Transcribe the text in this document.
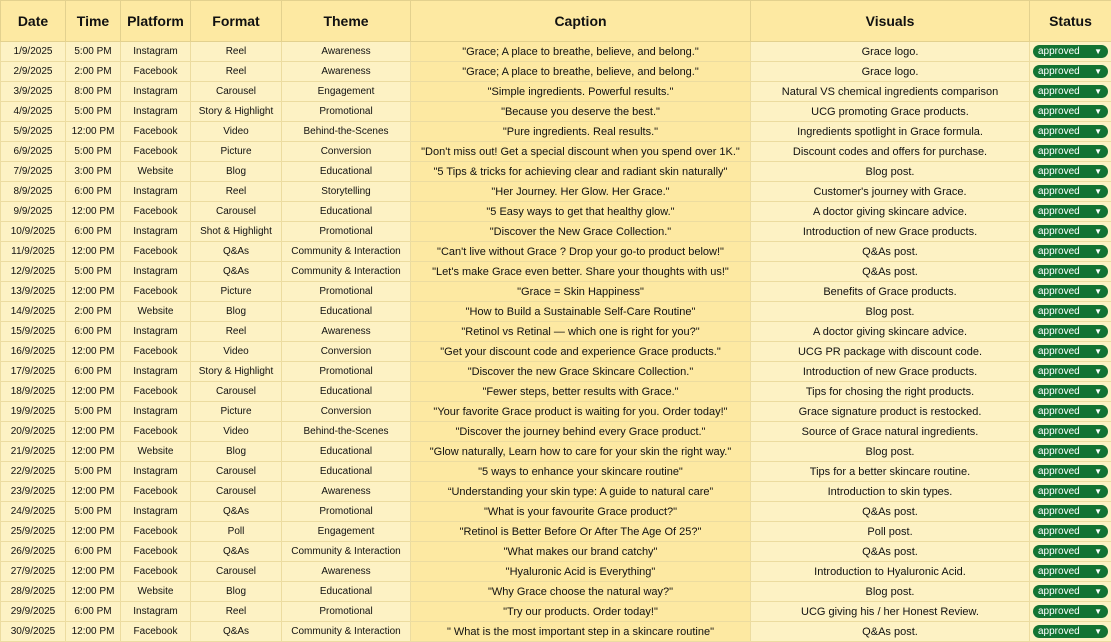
Date	Time	Platform	Format	Theme	Caption	Visuals	Status
1/9/2025	5:00 PM	Instagram	Reel	Awareness	"Grace; A place to breathe, believe, and belong."	Grace logo.	approved ▼

2/9/2025	2:00 PM	Facebook	Reel	Awareness	"Grace; A place to breathe, believe, and belong."	Grace logo.	approved ▼

3/9/2025	8:00 PM	Instagram	Carousel	Engagement	"Simple ingredients. Powerful results."	Natural VS chemical ingredients comparison	approved ▼

4/9/2025	5:00 PM	Instagram	Story & Highlight	Promotional	"Because you deserve the best."	UCG promoting Grace products.	approved ▼

5/9/2025	12:00 PM	Facebook	Video	Behind-the-Scenes	"Pure ingredients. Real results."	Ingredients spotlight in Grace formula.	approved ▼

6/9/2025	5:00 PM	Facebook	Picture	Conversion	"Don't miss out! Get a special discount when you spend over 1K."	Discount codes and offers for purchase.	approved ▼

7/9/2025	3:00 PM	Website	Blog	Educational	"5 Tips & tricks for achieving clear and radiant skin naturally"	Blog post.	approved ▼

8/9/2025	6:00 PM	Instagram	Reel	Storytelling	"Her Journey. Her Glow. Her Grace."	Customer's journey with Grace.	approved ▼

9/9/2025	12:00 PM	Facebook	Carousel	Educational	"5 Easy ways to get that healthy glow."	A doctor giving skincare advice.	approved ▼

10/9/2025	6:00 PM	Instagram	Shot & Highlight	Promotional	"Discover the New Grace Collection."	Introduction of new Grace products.	approved ▼

11/9/2025	12:00 PM	Facebook	Q&As	Community & Interaction	"Can't live without Grace ? Drop your go-to product below!"	Q&As post.	approved ▼

12/9/2025	5:00 PM	Instagram	Q&As	Community & Interaction	"Let's make Grace even better. Share your thoughts with us!"	Q&As post.	approved ▼

13/9/2025	12:00 PM	Facebook	Picture	Promotional	"Grace = Skin Happiness"	Benefits of Grace products.	approved ▼

14/9/2025	2:00 PM	Website	Blog	Educational	"How to Build a Sustainable Self-Care Routine"	Blog post.	approved ▼

15/9/2025	6:00 PM	Instagram	Reel	Awareness	"Retinol vs Retinal — which one is right for you?"	A doctor giving skincare advice.	approved ▼

16/9/2025	12:00 PM	Facebook	Video	Conversion	"Get your discount code and experience Grace products."	UCG PR package with discount code.	approved ▼

17/9/2025	6:00 PM	Instagram	Story & Highlight	Promotional	"Discover the new Grace Skincare Collection."	Introduction of new Grace products.	approved ▼

18/9/2025	12:00 PM	Facebook	Carousel	Educational	"Fewer steps, better results with Grace."	Tips for chosing the right products.	approved ▼

19/9/2025	5:00 PM	Instagram	Picture	Conversion	"Your favorite Grace product is waiting for you. Order today!"	Grace signature product is restocked.	approved ▼

20/9/2025	12:00 PM	Facebook	Video	Behind-the-Scenes	"Discover the journey behind every Grace product."	Source of Grace natural ingredients.	approved ▼

21/9/2025	12:00 PM	Website	Blog	Educational	"Glow naturally, Learn how to care for your skin the right way."	Blog post.	approved ▼

22/9/2025	5:00 PM	Instagram	Carousel	Educational	"5 ways to enhance your skincare routine"	Tips for a better skincare routine.	approved ▼

23/9/2025	12:00 PM	Facebook	Carousel	Awareness	“Understanding your skin type: A guide to natural care”	Introduction to skin types.	approved ▼

24/9/2025	5:00 PM	Instagram	Q&As	Promotional	"What is your favourite Grace product?"	Q&As post.	approved ▼

25/9/2025	12:00 PM	Facebook	Poll	Engagement	"Retinol is Better Before Or After The Age Of 25?"	Poll post.	approved ▼

26/9/2025	6:00 PM	Facebook	Q&As	Community & Interaction	"What makes our brand catchy"	Q&As post.	approved ▼

27/9/2025	12:00 PM	Facebook	Carousel	Awareness	"Hyaluronic Acid is Everything"	Introduction to Hyaluronic Acid.	approved ▼

28/9/2025	12:00 PM	Website	Blog	Educational	"Why Grace choose the natural way?"	Blog post.	approved ▼

29/9/2025	6:00 PM	Instagram	Reel	Promotional	"Try our products. Order today!"	UCG giving his / her Honest Review.	approved ▼

30/9/2025	12:00 PM	Facebook	Q&As	Community & Interaction	" What is the most important step in a skincare routine"	Q&As post.	approved ▼
